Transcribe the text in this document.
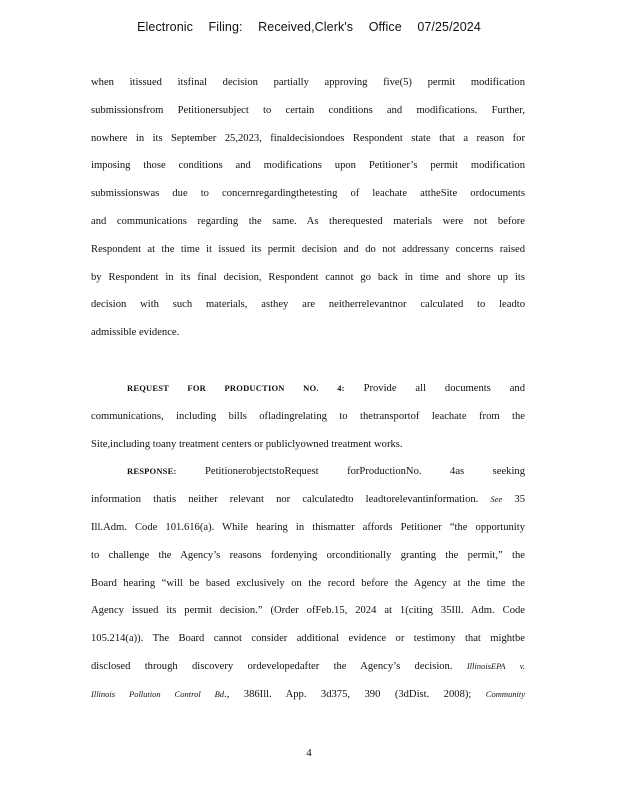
Electronic Filing: Received,Clerk's Office 07/25/2024
when itissued itsfinal decision partially approving five(5) permit modification
submissionsfrom Petitionersubject to certain conditions and modifications. Further,
nowhere in its September 25,2023, finaldecisiondoes Respondent state that a reason for
imposing those conditions and modifications upon Petitioner’s permit modification
submissionswas due to concernregardingthetesting of leachate attheSite ordocuments
and communications regarding the same. As therequested materials were not before
Respondent at the time it issued its permit decision and do not addressany concerns raised
by Respondent in its final decision, Respondent cannot go back in time and shore up its
decision with such materials, asthey are neitherrelevantnor calculated to leadto
admissible evidence.
REQUEST FOR PRODUCTION NO. 4: Provide all documents and
communications, including bills ofladingrelating to thetransportof leachate from the
Site,including toany treatment centers or publiclyowned treatment works.
RESPONSE:	PetitionerobjectstoRequest forProductionNo. 4as seeking
information thatis neither relevant nor calculatedto leadtorelevantinformation. See 35
Ill.Adm. Code 101.616(a). While hearing in thismatter affords Petitioner “the opportunity
to challenge the Agency’s reasons fordenying orconditionally granting the permit,” the
Board hearing “will be based exclusively on the record before the Agency at the time the
Agency issued its permit decision.” (Order ofFeb.15, 2024 at 1(citing 35Ill. Adm. Code
105.214(a)). The Board cannot consider additional evidence or testimony that mightbe
disclosed through discovery ordevelopedafter the Agency’s decision. IllinoisEPA v.
Illinois Pollution Control Bd., 386Ill. App. 3d375, 390 (3dDist. 2008); Community
4
